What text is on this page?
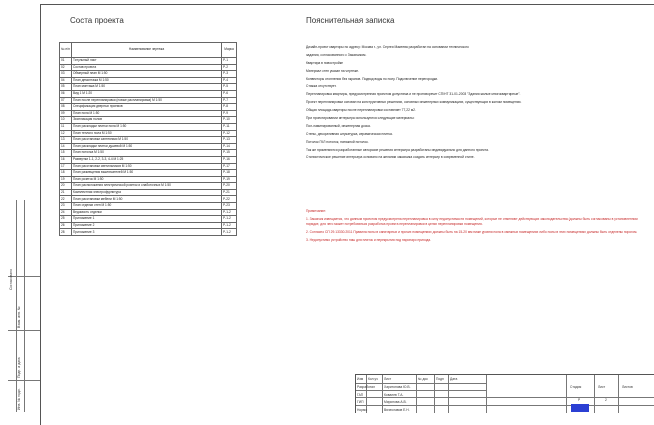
Согласовано
Взам. инв. №
Подп. и дата
Инв. № подл.
Соста проекта
№ п/п	Наименование чертежа	Марка
01	Титульный лист	Р-1
02	Состав проекта	Р-2
03	Обмерный план М 1:50	Р-3
04	План демонтажа М 1:50	Р-4
05	План монтажа М 1:50	Р-5
06	Вид 1 М 1:20	Р-6
07	План после перепланировки (новые распланировка) М 1:50	Р-7
08	Спецификация дверных проемов	Р-8
09	План пола М 1:50	Р-9
10	Экспликация полов	Р-10
11	План раскладки плитки пола М 1:50	Р-11
12	План теплого пола М 1:50	Р-12
13	План расстановки сантехники М 1:50	Р-13
14	План раскладки плитки душевой М 1:50	Р-14
15	План потолка М 1:50	Р-15
16	Развертки 1-1, 2-2, 3-3, 4-4 М 1:25	Р-16
17	План расстановки светильников М 1:50	Р-17
18	План размещения выключателей М 1:50	Р-18
19	План розеток М 1:50	Р-19
20	План расположения электрической розеток и слаботочных М 1:50	Р-20
21	Комплектная электрофурнитура	Р-21
22	План расстановки мебели М 1:50	Р-22
23	План отделки стен М 1:50	Р-23
24	Ведомость отделки	Р-1-2
25	Приложение 1	Р-1-2
26	Приложение 2	Р-1-2
28	Приложение 3	Р-1-2
Пояснительная записка

Дизайн-проект квартиры по адресу: Москва г., ул. Сергея Макеева разработан на основании технического

задания, согласованного с Заказчиком.

Квартира в новостройке

Материал стен указан на чертеже.

Конвекторы отопления без экранов. Подвод воды по полу. Подключение перегородки.

Стяжка отсутствует.

Перепланировка квартиры, предусмотренная проектом допустима и не противоречит СП/НТ 31-01-2003 "Здания жилые многоквартирные".

Проект перепланировки основан на конструктивных решениях, основных инженерных коммуникациях, существующих в жилом помещении.

Общая площадь квартиры после перепланировки составляет 77,22 м2.

При проектировании интерьера используются следующие материалы:

Пол-ламинированный, инженерная доска.

Стены, декоративная штукатурка, керамическая плитка.

Потолок ГКЛ потолок, натяжной потолок.

Так же применяются разработанные авторские решения интерьера разработаны индивидуально для данного проекта.

Стилистическое решение интерьера основано на желании заказчика создать интерьер в современной стиле.

Примечание:

1. Заказчик извещается, что данным проектом предусмотрена перепланировка в силу недопустимости помещений, которые не отменяют действующих законодательства (должны быть согласованы в установленном порядке, для чего может потребоваться разработка проекта перепланировки в целях перепланировки помещения.

2. Согласно СП 29.13330.2011 Правила полы в санитарных и прочих помещениях должны быть на 15-20 мм ниже уровня пола в смежных помещениях либо полы в этих помещениях должны быть отделены порогом.

3. Недопустимо устройство ниш для плиток и перекрытия под паронаро прихода.

Изм Кол.уч Лист	№ док	Подп Дата
Разработал	Харитонова Ю.В.
ГАП	Ковалев Т.А.
ГИП	Миронова А.В.
Нормо	Вячеславов Е.Н.
Стадия	Лист	Листов
Р	2
